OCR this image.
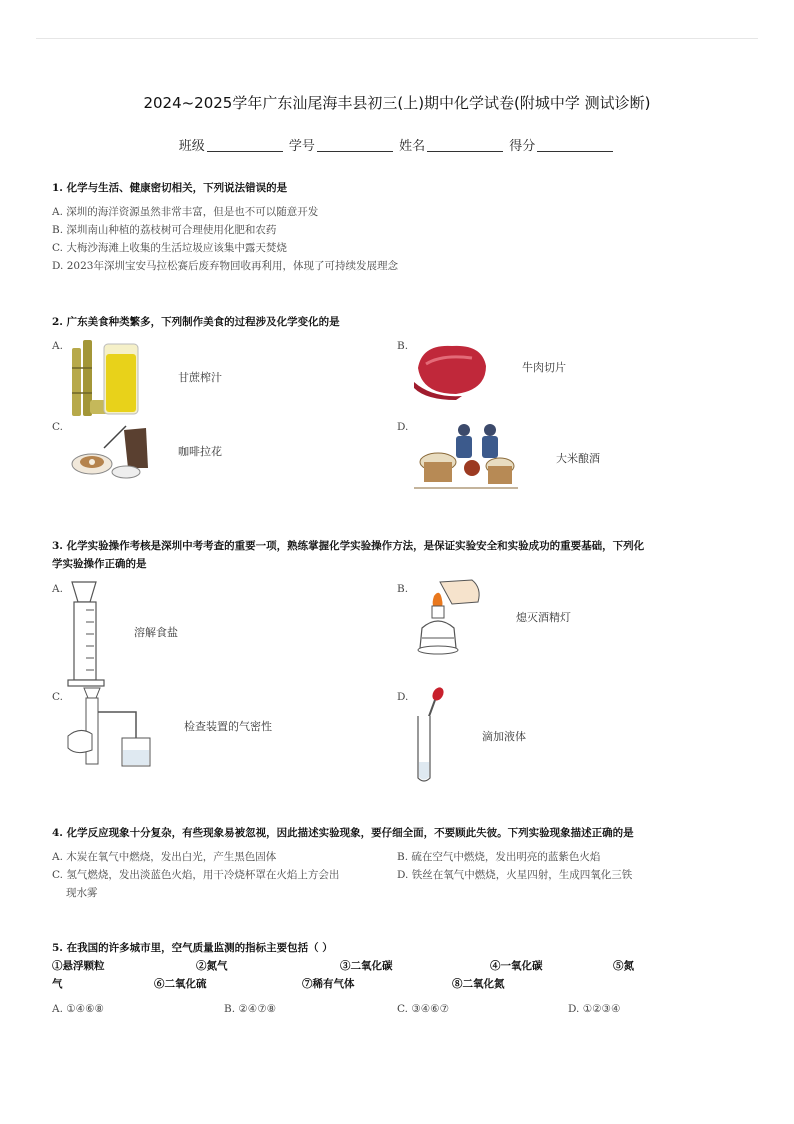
2024~2025学年广东汕尾海丰县初三(上)期中化学试卷(附城中学 测试诊断)
班级	学号	姓名	得分
1. 化学与生活、健康密切相关，下列说法错误的是
A. 深圳的海洋资源虽然非常丰富，但是也不可以随意开发
B. 深圳南山种植的荔枝树可合理使用化肥和农药
C. 大梅沙海滩上收集的生活垃圾应该集中露天焚烧
D. 2023年深圳宝安马拉松赛后废弃物回收再利用，体现了可持续发展理念
2. 广东美食种类繁多，下列制作美食的过程涉及化学变化的是
A.
甘蔗榨汁
B.
牛肉切片
C.
咖啡拉花
D.
大米酿酒
3. 化学实验操作考核是深圳中考考查的重要一项，熟练掌握化学实验操作方法，是保证实验安全和实验成功的重要基础，下列化
学实验操作正确的是
A.
溶解食盐
B.
熄灭酒精灯
C.
检查装置的气密性
D.
滴加液体
4. 化学反应现象十分复杂，有些现象易被忽视，因此描述实验现象，要仔细全面，不要顾此失彼。下列实验现象描述正确的是
A. 木炭在氧气中燃烧，发出白光，产生黑色固体	B. 硫在空气中燃烧，发出明亮的蓝紫色火焰
C. 氢气燃烧，发出淡蓝色火焰，用干冷烧杯罩在火焰上方会出
现水雾
D. 铁丝在氧气中燃烧，火星四射，生成四氧化三铁
5. 在我国的许多城市里，空气质量监测的指标主要包括（ ）
①悬浮颗粒	②氮气	③二氧化碳	④一氧化碳	⑤氮
气	⑥二氧化硫	⑦稀有气体	⑧二氧化氮
A. ①④⑥⑧	B. ②④⑦⑧	C. ③④⑥⑦	D. ①②③④
